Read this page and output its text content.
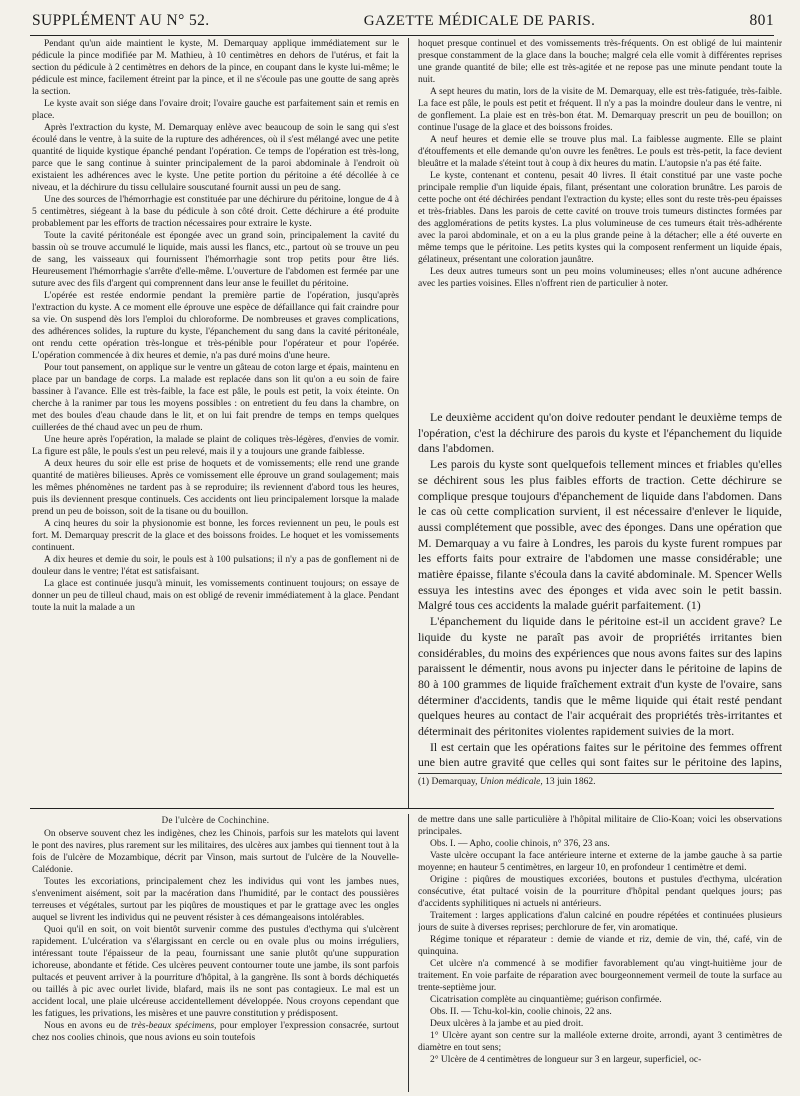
SUPPLÉMENT AU N° 52.	GAZETTE MÉDICALE DE PARIS.	801

Pendant qu'un aide maintient le kyste, M. Demarquay applique immédiatement sur le pédicule la pince modifiée par M. Mathieu, à 10 centimètres en dehors de l'utérus, et fait la section du pédicule à 2 centimètres en dehors de la pince, en coupant dans le kyste lui-même; le pédicule est mince, facilement étreint par la pince, et il ne s'écoule pas une goutte de sang après la section.

Le kyste avait son siége dans l'ovaire droit; l'ovaire gauche est parfaitement sain et remis en place.

Après l'extraction du kyste, M. Demarquay enlève avec beaucoup de soin le sang qui s'est écoulé dans le ventre, à la suite de la rupture des adhérences, où il s'est mélangé avec une petite quantité de liquide kystique épanché pendant l'opération. Ce temps de l'opération est très-long, parce que le sang continue à suinter principalement de la paroi abdominale à l'endroit où existaient les adhérences avec le kyste. Une petite portion du péritoine a été décollée à ce niveau, et la déchirure du tissu cellulaire souscutané fournit aussi un peu de sang.

Une des sources de l'hémorrhagie est constituée par une déchirure du péritoine, longue de 4 à 5 centimètres, siégeant à la base du pédicule à son côté droit. Cette déchirure a été produite probablement par les efforts de traction nécessaires pour extraire le kyste.

Toute la cavité péritonéale est épongée avec un grand soin, principalement la cavité du bassin où se trouve accumulé le liquide, mais aussi les flancs, etc., partout où se trouve un peu de sang, les vaisseaux qui fournissent l'hémorrhagie sont trop petits pour être liés. Heureusement l'hémorrhagie s'arrête d'elle-même. L'ouverture de l'abdomen est fermée par une suture avec des fils d'argent qui comprennent dans leur anse le feuillet du péritoine.

L'opérée est restée endormie pendant la première partie de l'opération, jusqu'après l'extraction du kyste. A ce moment elle éprouve une espèce de défaillance qui fait craindre pour sa vie. On suspend dès lors l'emploi du chloroforme. De nombreuses et graves complications, des adhérences solides, la rupture du kyste, l'épanchement du sang dans la cavité péritonéale, ont rendu cette opération très-longue et très-pénible pour l'opérateur et pour l'opérée. L'opération commencée à dix heures et demie, n'a pas duré moins d'une heure.

Pour tout pansement, on applique sur le ventre un gâteau de coton large et épais, maintenu en place par un bandage de corps. La malade est replacée dans son lit qu'on a eu soin de faire bassiner à l'avance. Elle est très-faible, la face est pâle, le pouls est petit, la voix éteinte. On cherche à la ranimer par tous les moyens possibles : on entretient du feu dans la chambre, on met des boules d'eau chaude dans le lit, et on lui fait prendre de temps en temps quelques cuillerées de thé chaud avec un peu de rhum.

Une heure après l'opération, la malade se plaint de coliques très-légères, d'envies de vomir. La figure est pâle, le pouls s'est un peu relevé, mais il y a toujours une grande faiblesse.

A deux heures du soir elle est prise de hoquets et de vomissements; elle rend une grande quantité de matières bilieuses. Après ce vomissement elle éprouve un grand soulagement; mais les mêmes phénomènes ne tardent pas à se reproduire; ils reviennent d'abord tous les heures, puis ils deviennent presque continuels. Ces accidents ont lieu principalement lorsque la malade prend un peu de boisson, soit de la tisane ou du bouillon.

A cinq heures du soir la physionomie est bonne, les forces reviennent un peu, le pouls est fort. M. Demarquay prescrit de la glace et des boissons froides. Le hoquet et les vomissements continuent.

A dix heures et demie du soir, le pouls est à 100 pulsations; il n'y a pas de gonflement ni de douleur dans le ventre; l'état est satisfaisant.

La glace est continuée jusqu'à minuit, les vomissements continuent toujours; on essaye de donner un peu de tilleul chaud, mais on est obligé de revenir immédiatement à la glace. Pendant toute la nuit la malade a un

hoquet presque continuel et des vomissements très-fréquents. On est obligé de lui maintenir presque constamment de la glace dans la bouche; malgré cela elle vomit à différentes reprises une grande quantité de bile; elle est très-agitée et ne repose pas une minute pendant toute la nuit.

A sept heures du matin, lors de la visite de M. Demarquay, elle est très-fatiguée, très-faible. La face est pâle, le pouls est petit et fréquent. Il n'y a pas la moindre douleur dans le ventre, ni de gonflement. La plaie est en très-bon état. M. Demarquay prescrit un peu de bouillon; on continue l'usage de la glace et des boissons froides.

A neuf heures et demie elle se trouve plus mal. La faiblesse augmente. Elle se plaint d'étouffements et elle demande qu'on ouvre les fenêtres. Le pouls est très-petit, la face devient bleuâtre et la malade s'éteint tout à coup à dix heures du matin. L'autopsie n'a pas été faite.

Le kyste, contenant et contenu, pesait 40 livres. Il était constitué par une vaste poche principale remplie d'un liquide épais, filant, présentant une coloration brunâtre. Les parois de cette poche ont été déchirées pendant l'extraction du kyste; elles sont du reste très-peu épaisses et très-friables. Dans les parois de cette cavité on trouve trois tumeurs distinctes formées par des agglomérations de petits kystes. La plus volumineuse de ces tumeurs était très-adhérente avec la paroi abdominale, et on a eu la plus grande peine à la détacher; elle a été ouverte en même temps que le péritoine. Les petits kystes qui la composent renferment un liquide épais, gélatineux, présentant une coloration jaunâtre.

Les deux autres tumeurs sont un peu moins volumineuses; elles n'ont aucune adhérence avec les parties voisines. Elles n'offrent rien de particulier à noter.

Le deuxième accident qu'on doive redouter pendant le deuxième temps de l'opération, c'est la déchirure des parois du kyste et l'épanchement du liquide dans l'abdomen.

Les parois du kyste sont quelquefois tellement minces et friables qu'elles se déchirent sous les plus faibles efforts de traction. Cette déchirure se complique presque toujours d'épanchement de liquide dans l'abdomen. Dans le cas où cette complication survient, il est nécessaire d'enlever le liquide, aussi complétement que possible, avec des éponges. Dans une opération que M. Demarquay a vu faire à Londres, les parois du kyste furent rompues par les efforts faits pour extraire de l'abdomen une masse considérable; une matière épaisse, filante s'écoula dans la cavité abdominale. M. Spencer Wells essuya les intestins avec des éponges et vida avec soin le petit bassin. Malgré tous ces accidents la malade guérit parfaitement. (1)

L'épanchement du liquide dans le péritoine est-il un accident grave? Le liquide du kyste ne paraît pas avoir de propriétés irritantes bien considérables, du moins des expériences que nous avons faites sur des lapins paraissent le démentir, nous avons pu injecter dans le péritoine de lapins de 80 à 100 grammes de liquide fraîchement extrait d'un kyste de l'ovaire, sans déterminer d'accidents, tandis que le même liquide qui était resté pendant quelques heures au contact de l'air acquérait des propriétés très-irritantes et déterminait des péritonites violentes rapidement suivies de la mort.

Il est certain que les opérations faites sur le péritoine des femmes offrent une bien autre gravité que celles qui sont faites sur le péritoine des lapins,

(1) Demarquay, Union médicale, 13 juin 1862.
De l'ulcère de Cochinchine.

On observe souvent chez les indigènes, chez les Chinois, parfois sur les matelots qui lavent le pont des navires, plus rarement sur les militaires, des ulcères aux jambes qui tiennent tout à la fois de l'ulcère de Mozambique, décrit par Vinson, mais surtout de l'ulcère de la Nouvelle-Calédonie.

Toutes les excoriations, principalement chez les individus qui vont les jambes nues, s'enveniment aisément, soit par la macération dans l'humidité, par le contact des poussières terreuses et végétales, surtout par les piqûres de moustiques et par le grattage avec les ongles auquel se livrent les individus qui ne peuvent résister à ces démangeaisons intolérables.

Quoi qu'il en soit, on voit bientôt survenir comme des pustules d'ecthyma qui s'ulcèrent rapidement. L'ulcération va s'élargissant en cercle ou en ovale plus ou moins irréguliers, intéressant toute l'épaisseur de la peau, fournissant une sanie plutôt qu'une suppuration ichoreuse, abondante et fétide. Ces ulcères peuvent contourner toute une jambe, ils sont parfois pultacés et peuvent arriver à la pourriture d'hôpital, à la gangrène. Ils sont à bords déchiquetés ou taillés à pic avec ourlet livide, blafard, mais ils ne sont pas contagieux. Le mal est un accident local, une plaie ulcéreuse accidentellement développée. Nous croyons cependant que les fatigues, les privations, les misères et une pauvre constitution y prédisposent.

Nous en avons eu de très-beaux spécimens, pour employer l'expression consacrée, surtout chez nos coolies chinois, que nous avions eu soin toutefois

de mettre dans une salle particulière à l'hôpital militaire de Clio-Koan; voici les observations principales.

Obs. I. — Apho, coolie chinois, n° 376, 23 ans.

Vaste ulcère occupant la face antérieure interne et externe de la jambe gauche à sa partie moyenne; en hauteur 5 centimètres, en largeur 10, en profondeur 1 centimètre et demi.

Origine : piqûres de moustiques excoriées, boutons et pustules d'ecthyma, ulcération consécutive, état pultacé voisin de la pourriture d'hôpital pendant quelques jours; pas d'accidents syphilitiques ni actuels ni antérieurs.

Traitement : larges applications d'alun calciné en poudre répétées et continuées plusieurs jours de suite à diverses reprises; perchlorure de fer, vin aromatique.

Régime tonique et réparateur : demie de viande et riz, demie de vin, thé, café, vin de quinquina.

Cet ulcère n'a commencé à se modifier favorablement qu'au vingt-huitième jour de traitement. En voie parfaite de réparation avec bourgeonnement vermeil de toute la surface au trente-septième jour.

Cicatrisation complète au cinquantième; guérison confirmée.

Obs. II. — Tchu-kol-kin, coolie chinois, 22 ans.

Deux ulcères à la jambe et au pied droit.

1° Ulcère ayant son centre sur la malléole externe droite, arrondi, ayant 3 centimètres de diamètre en tout sens;

2° Ulcère de 4 centimètres de longueur sur 3 en largeur, superficiel, oc-
